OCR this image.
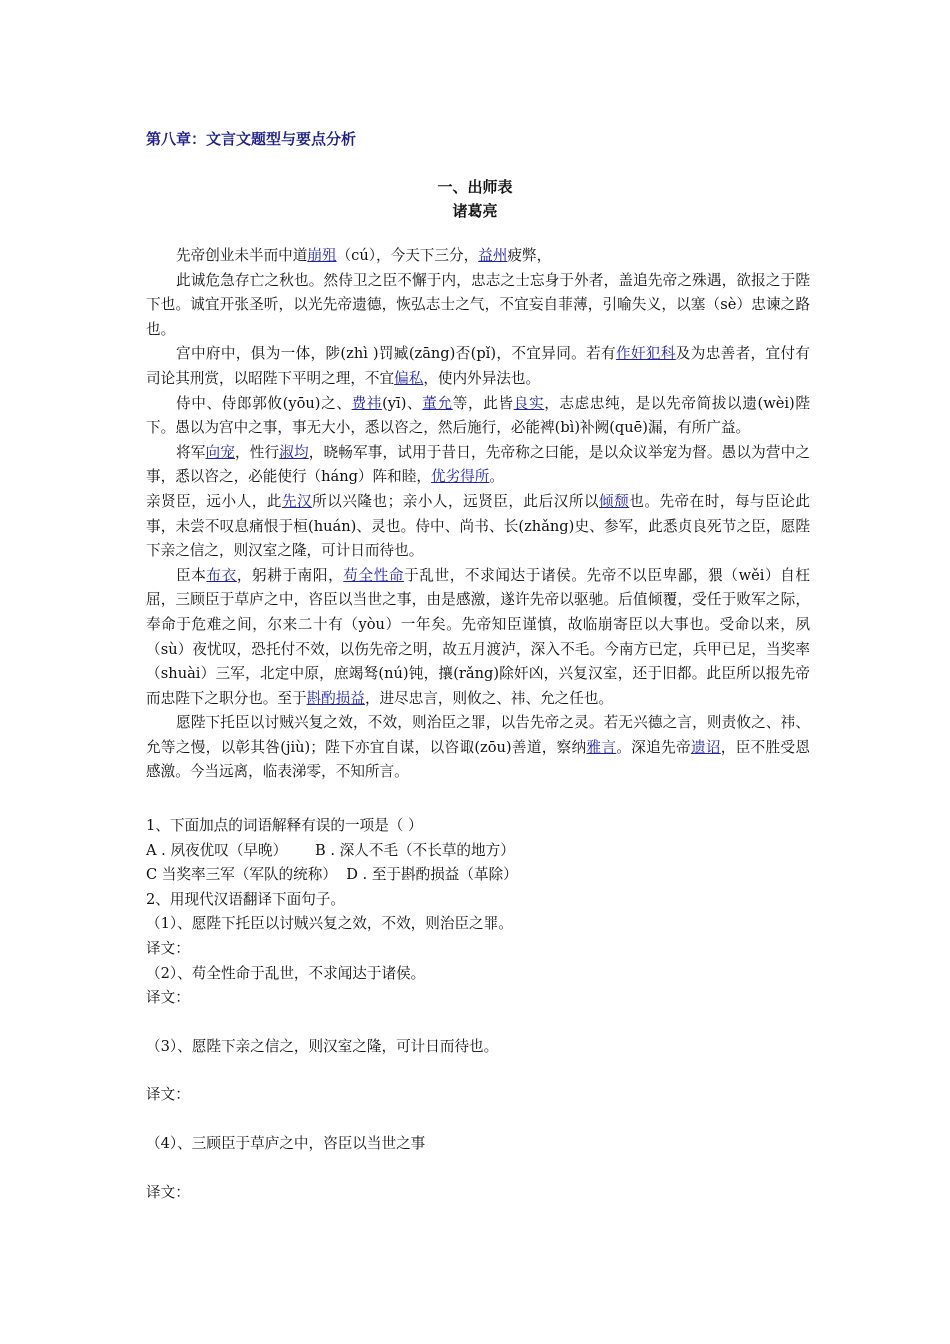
第八章：文言文题型与要点分析
一、出师表
诸葛亮

先帝创业未半而中道崩殂（cú），今天下三分，益州疲弊，

此诚危急存亡之秋也。然侍卫之臣不懈于内，忠志之士忘身于外者，盖追先帝之殊遇，欲报之于陛下也。诚宜开张圣听，以光先帝遗德，恢弘志士之气，不宜妄自菲薄，引喻失义，以塞（sè）忠谏之路也。

宫中府中，俱为一体，陟(zhì )罚臧(zāng)否(pǐ)，不宜异同。若有作奸犯科及为忠善者，宜付有司论其刑赏，以昭陛下平明之理，不宜偏私，使内外异法也。

侍中、侍郎郭攸(yōu)之、费祎(yī)、董允等，此皆良实，志虑忠纯，是以先帝简拔以遗(wèi)陛下。愚以为宫中之事，事无大小，悉以咨之，然后施行，必能裨(bì)补阙(quē)漏，有所广益。

将军向宠，性行淑均，晓畅军事，试用于昔日，先帝称之曰能，是以众议举宠为督。愚以为营中之事，悉以咨之，必能使行（háng）阵和睦，优劣得所。

亲贤臣，远小人，此先汉所以兴隆也；亲小人，远贤臣，此后汉所以倾颓也。先帝在时，每与臣论此事，未尝不叹息痛恨于桓(huán)、灵也。侍中、尚书、长(zhǎng)史、参军，此悉贞良死节之臣，愿陛下亲之信之，则汉室之隆，可计日而待也。

臣本布衣，躬耕于南阳，苟全性命于乱世，不求闻达于诸侯。先帝不以臣卑鄙，猥（wěi）自枉屈，三顾臣于草庐之中，咨臣以当世之事，由是感激，遂许先帝以驱驰。后值倾覆，受任于败军之际，奉命于危难之间，尔来二十有（yòu）一年矣。先帝知臣谨慎，故临崩寄臣以大事也。受命以来，夙（sù）夜忧叹，恐托付不效，以伤先帝之明，故五月渡泸，深入不毛。今南方已定，兵甲已足，当奖率（shuài）三军，北定中原，庶竭驽(nú)钝，攘(rǎng)除奸凶，兴复汉室，还于旧都。此臣所以报先帝而忠陛下之职分也。至于斟酌损益，进尽忠言，则攸之、祎、允之任也。

愿陛下托臣以讨贼兴复之效，不效，则治臣之罪，以告先帝之灵。若无兴德之言，则责攸之、祎、允等之慢，以彰其咎(jiù)；陛下亦宜自谋，以咨诹(zōu)善道，察纳雅言。深追先帝遗诏，臣不胜受恩感激。今当远离，临表涕零，不知所言。

1、下面加点的词语解释有误的一项是（ ）
A . 夙夜优叹（早晚）      B . 深人不毛（不长草的地方）
C 当奖率三军（军队的统称）  D . 至于斟酌损益（革除）
2、用现代汉语翻译下面句子。
（1）、愿陛下托臣以讨贼兴复之效，不效，则治臣之罪。
译文：
（2）、苟全性命于乱世，不求闻达于诸侯。
译文：
（3）、愿陛下亲之信之，则汉室之隆，可计日而待也。
译文：
（4）、三顾臣于草庐之中，咨臣以当世之事
译文：
